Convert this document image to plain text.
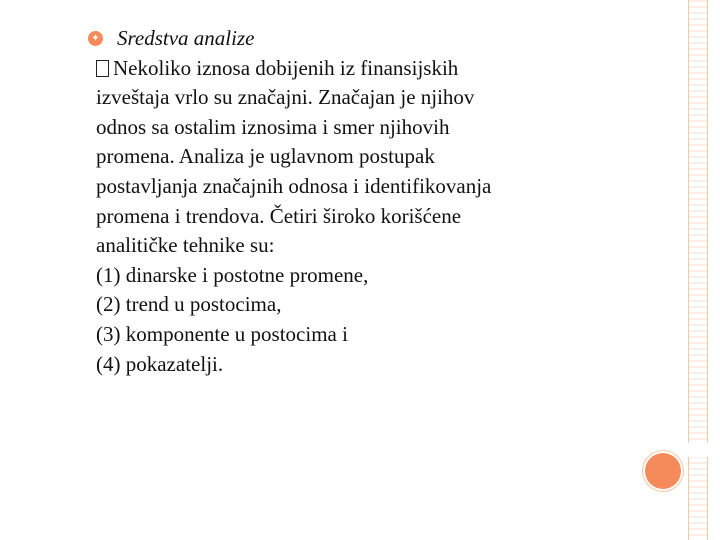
✦
Sredstva analize

Nekoliko iznosa dobijenih iz finansijskih
izveštaja vrlo su značajni. Značajan je njihov
odnos sa ostalim iznosima i smer njihovih
promena. Analiza je uglavnom postupak
postavljanja značajnih odnosa i identifikovanja
promena i trendova. Četiri široko korišćene
analitičke tehnike su:
(1) dinarske i postotne promene,
(2) trend u postocima,
(3) komponente u postocima i
(4) pokazatelji.
